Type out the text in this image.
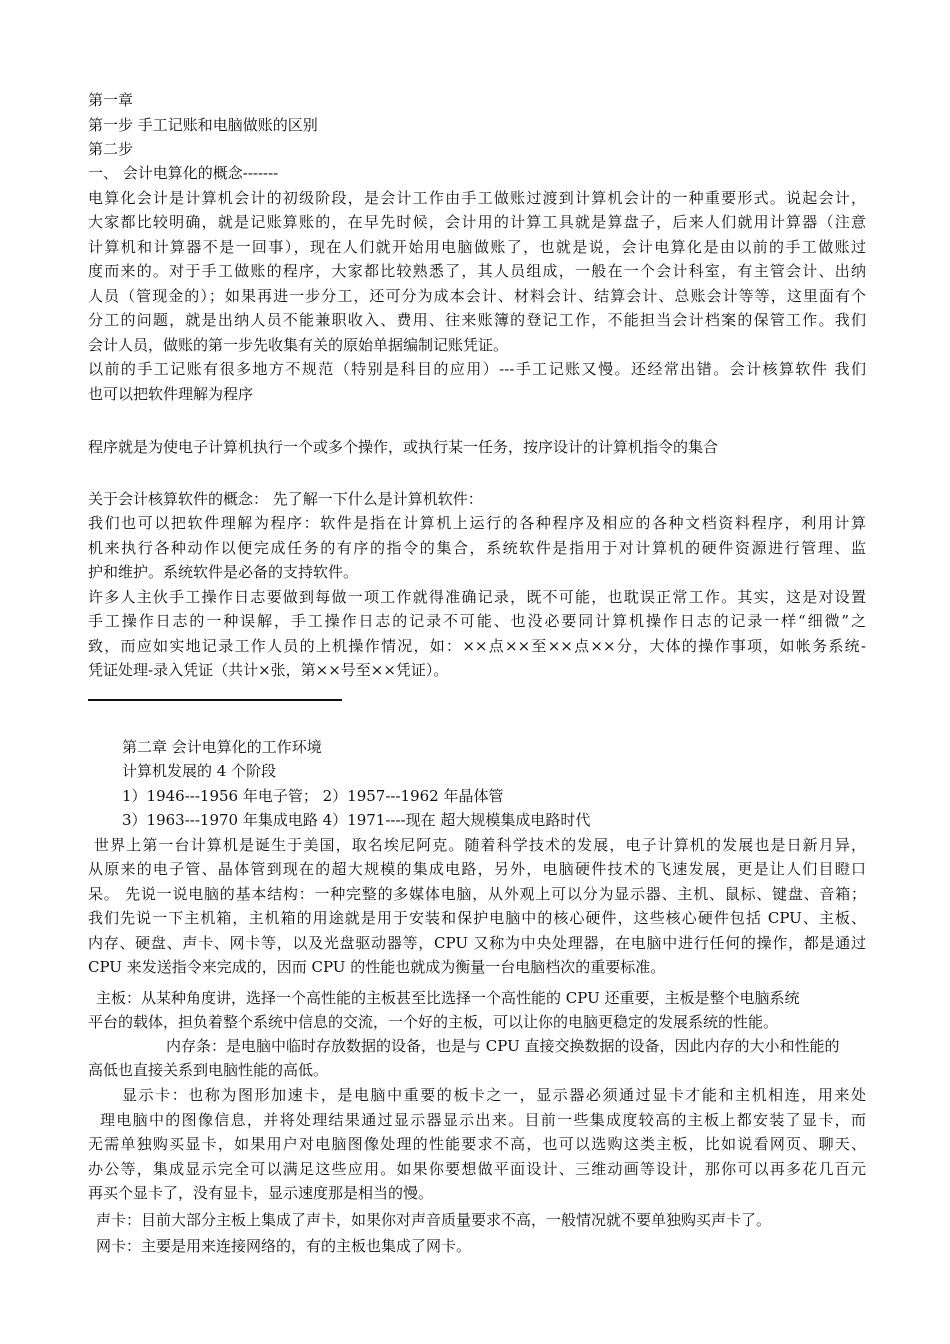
第一章
第一步 手工记账和电脑做账的区别
第二步
一、 会计电算化的概念-------
电算化会计是计算机会计的初级阶段，是会计工作由手工做账过渡到计算机会计的一种重要形式。说起会计，
大家都比较明确，就是记账算账的，在早先时候，会计用的计算工具就是算盘子，后来人们就用计算器（注意
计算机和计算器不是一回事），现在人们就开始用电脑做账了，也就是说，会计电算化是由以前的手工做账过
度而来的。对于手工做账的程序，大家都比较熟悉了，其人员组成，一般在一个会计科室，有主管会计、出纳
人员（管现金的）；如果再进一步分工，还可分为成本会计、材料会计、结算会计、总账会计等等，这里面有个
分工的问题，就是出纳人员不能兼职收入、费用、往来账簿的登记工作，不能担当会计档案的保管工作。我们
会计人员，做账的第一步先收集有关的原始单据编制记账凭证。
以前的手工记账有很多地方不规范（特别是科目的应用）---手工记账又慢。还经常出错。会计核算软件 我们
也可以把软件理解为程序
程序就是为使电子计算机执行一个或多个操作，或执行某一任务，按序设计的计算机指令的集合
关于会计核算软件的概念： 先了解一下什么是计算机软件：
我们也可以把软件理解为程序：软件是指在计算机上运行的各种程序及相应的各种文档资料程序，利用计算
机来执行各种动作以便完成任务的有序的指令的集合，系统软件是指用于对计算机的硬件资源进行管理、监
护和维护。系统软件是必备的支持软件。
许多人主伙手工操作日志要做到每做一项工作就得准确记录，既不可能，也耽误正常工作。其实，这是对设置
手工操作日志的一种误解，手工操作日志的记录不可能、也没必要同计算机操作日志的记录一样“细微”之
致，而应如实地记录工作人员的上机操作情况，如：××点××至××点××分，大体的操作事项，如帐务系统-
凭证处理-录入凭证（共计×张，第××号至××凭证）。
第二章 会计电算化的工作环境
计算机发展的 4 个阶段
1）1946---1956 年电子管； 2）1957---1962 年晶体管
3）1963---1970 年集成电路 4）1971----现在 超大规模集成电路时代
世界上第一台计算机是诞生于美国，取名埃尼阿克。随着科学技术的发展，电子计算机的发展也是日新月异，
从原来的电子管、晶体管到现在的超大规模的集成电路，另外，电脑硬件技术的飞速发展，更是让人们目瞪口
呆。 先说一说电脑的基本结构：一种完整的多媒体电脑，从外观上可以分为显示器、主机、鼠标、键盘、音箱；
我们先说一下主机箱，主机箱的用途就是用于安装和保护电脑中的核心硬件，这些核心硬件包括 CPU、主板、
内存、硬盘、声卡、网卡等，以及光盘驱动器等，CPU 又称为中央处理器，在电脑中进行任何的操作，都是通过
CPU 来发送指令来完成的，因而 CPU 的性能也就成为衡量一台电脑档次的重要标准。
主板：从某种角度讲，选择一个高性能的主板甚至比选择一个高性能的 CPU 还重要，主板是整个电脑系统
平台的载体，担负着整个系统中信息的交流，一个好的主板，可以让你的电脑更稳定的发展系统的性能。
内存条：是电脑中临时存放数据的设备，也是与 CPU 直接交换数据的设备，因此内存的大小和性能的
高低也直接关系到电脑性能的高低。
显示卡：也称为图形加速卡，是电脑中重要的板卡之一，显示器必须通过显卡才能和主机相连，用来处
理电脑中的图像信息，并将处理结果通过显示器显示出来。目前一些集成度较高的主板上都安装了显卡，而
无需单独购买显卡，如果用户对电脑图像处理的性能要求不高，也可以选购这类主板，比如说看网页、聊天、
办公等，集成显示完全可以满足这些应用。如果你要想做平面设计、三维动画等设计，那你可以再多花几百元
再买个显卡了，没有显卡，显示速度那是相当的慢。
声卡：目前大部分主板上集成了声卡，如果你对声音质量要求不高，一般情况就不要单独购买声卡了。
网卡：主要是用来连接网络的，有的主板也集成了网卡。
